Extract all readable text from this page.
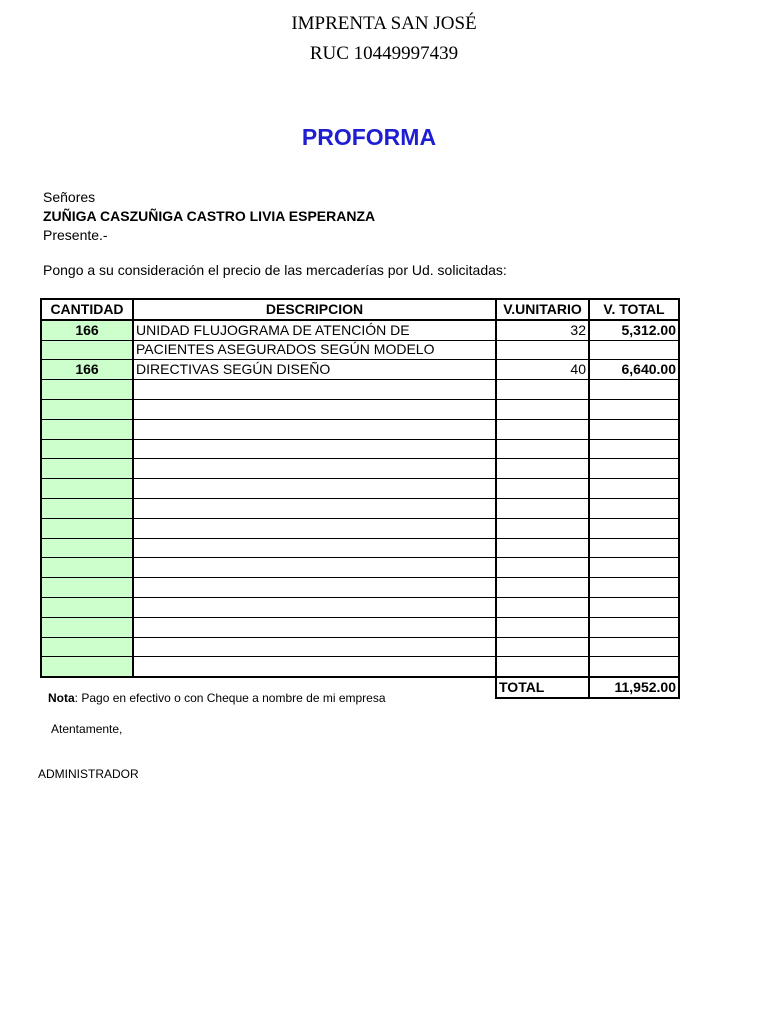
IMPRENTA SAN JOSÉ
RUC 10449997439
PROFORMA
Señores
ZUÑIGA CASZUÑIGA CASTRO LIVIA ESPERANZA
Presente.-
Pongo a su consideración el precio de las mercaderías por Ud. solicitadas:
CANTIDAD	DESCRIPCION	V.UNITARIO	V. TOTAL
166	UNIDAD FLUJOGRAMA DE ATENCIÓN DE	32	5,312.00
	PACIENTES ASEGURADOS SEGÚN MODELO		
166	DIRECTIVAS SEGÚN DISEÑO	40	6,640.00

		TOTAL	11,952.00
Nota: Pago en efectivo o con Cheque a nombre de mi empresa
Atentamente,
ADMINISTRADOR
